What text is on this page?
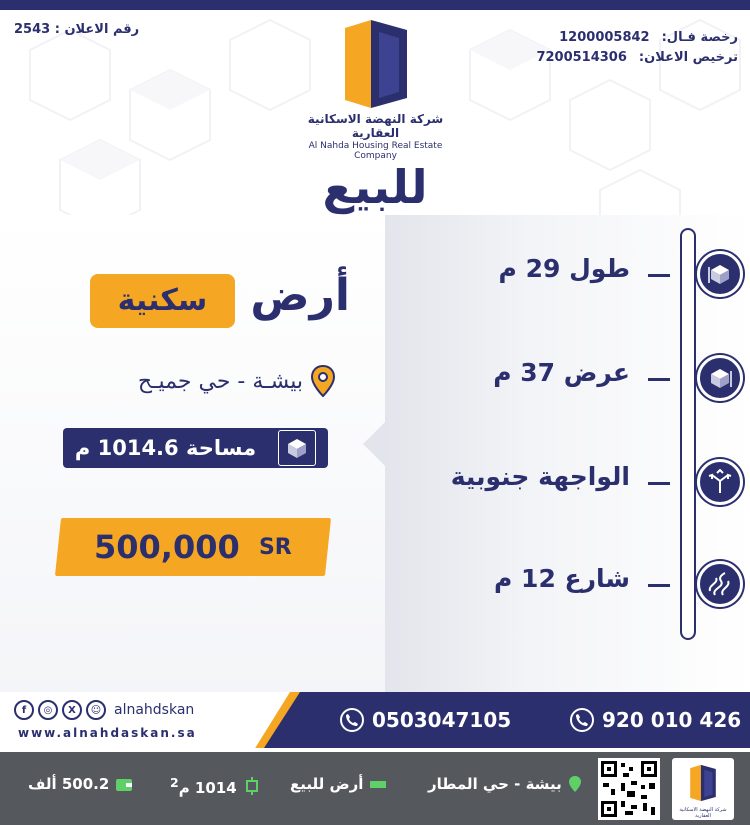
رقم الاعلان : 2543
رخصة فـال:
1200005842
ترخيص الاعلان:
7200514306
شركة النهضة الاسكانية العقارية
Al Nahda Housing Real Estate Company
للبيع
أرض
سكنية
بيشـة - حي جميـح
مساحة 1014.6 م
500,000 SR
طول 29 م
عرض 37 م
الواجهة جنوبية
شارع 12 م
f	◎	X	☺ alnahdskan
www.alnahdaskan.sa
0503047105	920 010 426
500.2 ألف	1014 م$^2$	أرض للبيع	بيشة - حي المطار
شركة النهضة الاسكانية العقارية
